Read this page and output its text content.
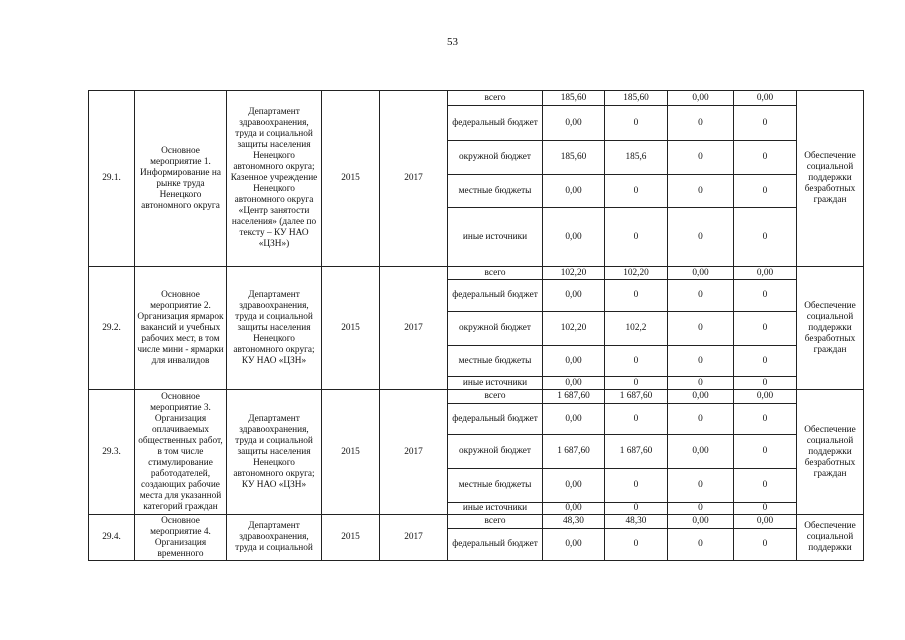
53
29.1.	Основное мероприятие 1. Информирование на рынке труда Ненецкого автономного округа	Департамент здравоохранения, труда и социальной защиты населения Ненецкого автономного округа; Казенное учреждение Ненецкого автономного округа «Центр занятости населения» (далее по тексту – КУ НАО «ЦЗН»)	2015	2017	всего	185,60	185,60	0,00	0,00	Обеспечение социальной поддержки безработных граждан
					федеральный бюджет	0,00	0	0	0	
					окружной бюджет	185,60	185,6	0	0	
					местные бюджеты	0,00	0	0	0	
					иные источники	0,00	0	0	0	
29.2.	Основное мероприятие 2. Организация ярмарок вакансий и учебных рабочих мест, в том числе мини - ярмарки для инвалидов	Департамент здравоохранения, труда и социальной защиты населения Ненецкого автономного округа; КУ НАО «ЦЗН»	2015	2017	всего	102,20	102,20	0,00	0,00	Обеспечение социальной поддержки безработных граждан
					федеральный бюджет	0,00	0	0	0	
					окружной бюджет	102,20	102,2	0	0	
					местные бюджеты	0,00	0	0	0	
					иные источники	0,00	0	0	0	
29.3.	Основное мероприятие 3. Организация оплачиваемых общественных работ, в том числе стимулирование работодателей, создающих рабочие места для указанной категорий граждан	Департамент здравоохранения, труда и социальной защиты населения Ненецкого автономного округа; КУ НАО «ЦЗН»	2015	2017	всего	1 687,60	1 687,60	0,00	0,00	Обеспечение социальной поддержки безработных граждан
					федеральный бюджет	0,00	0	0	0	
					окружной бюджет	1 687,60	1 687,60	0,00	0	
					местные бюджеты	0,00	0	0	0	
					иные источники	0,00	0	0	0	
29.4.	Основное мероприятие 4. Организация временного	Департамент здравоохранения, труда и социальной	2015	2017	всего	48,30	48,30	0,00	0,00	Обеспечение социальной поддержки
					федеральный бюджет	0,00	0	0	0	
